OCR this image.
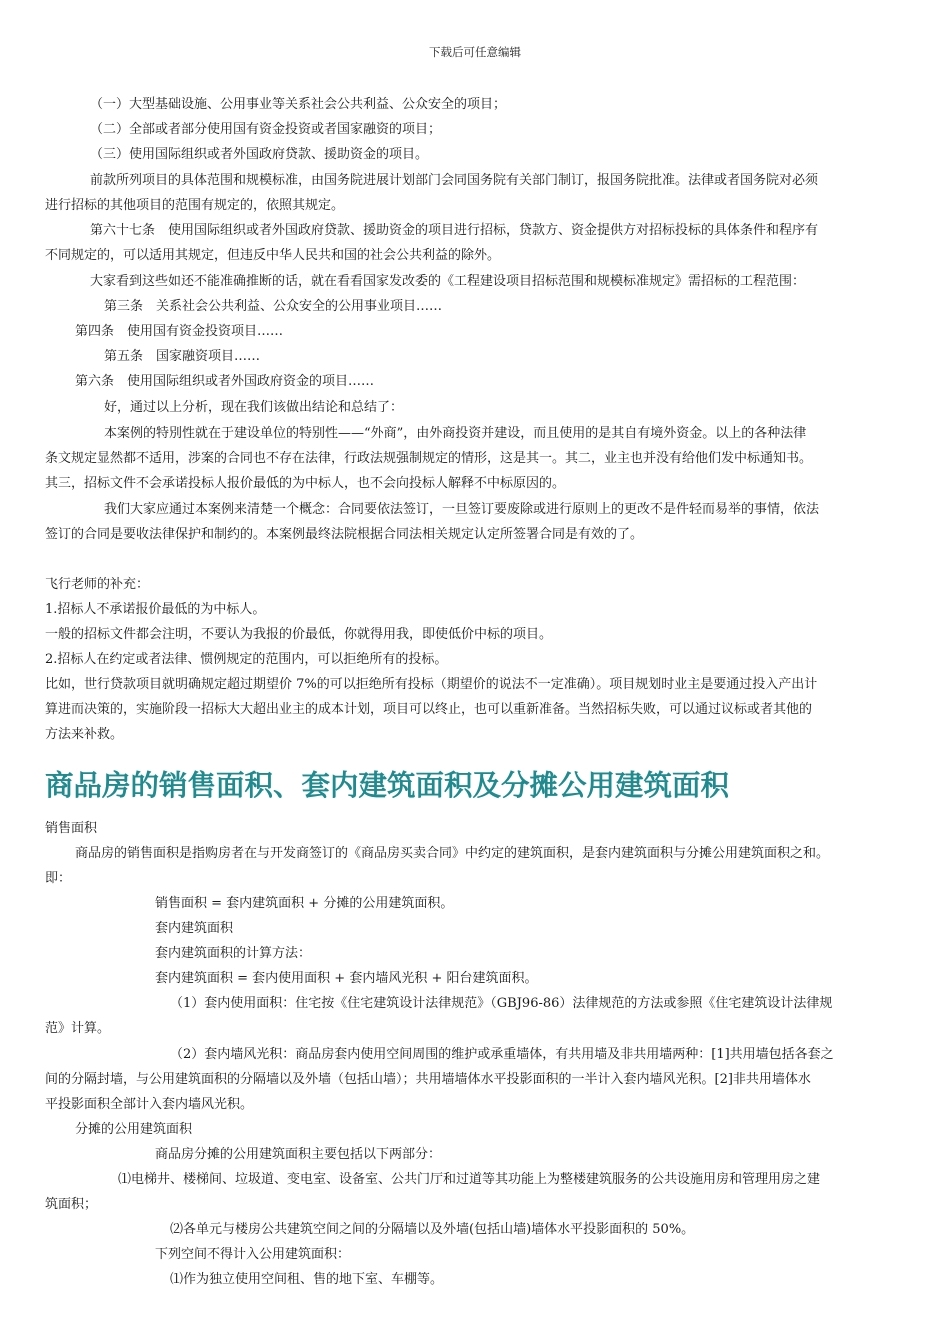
下载后可任意编辑
（一）大型基础设施、公用事业等关系社会公共利益、公众安全的项目；
（二）全部或者部分使用国有资金投资或者国家融资的项目；
（三）使用国际组织或者外国政府贷款、援助资金的项目。
前款所列项目的具体范围和规模标准，由国务院进展计划部门会同国务院有关部门制订，报国务院批准。法律或者国务院对必须
进行招标的其他项目的范围有规定的，依照其规定。
第六十七条　使用国际组织或者外国政府贷款、援助资金的项目进行招标，贷款方、资金提供方对招标投标的具体条件和程序有
不同规定的，可以适用其规定，但违反中华人民共和国的社会公共利益的除外。
大家看到这些如还不能准确推断的话，就在看看国家发改委的《工程建设项目招标范围和规模标准规定》需招标的工程范围：
第三条　关系社会公共利益、公众安全的公用事业项目……
第四条　使用国有资金投资项目……
第五条　国家融资项目……
第六条　使用国际组织或者外国政府资金的项目……
好，通过以上分析，现在我们该做出结论和总结了：
本案例的特別性就在于建设单位的特别性——“外商”，由外商投资并建设，而且使用的是其自有境外资金。以上的各种法律
条文规定显然都不适用，涉案的合同也不存在法律，行政法规强制规定的情形，这是其一。其二，业主也并没有给他们发中标通知书。
其三，招标文件不会承诺投标人报价最低的为中标人，也不会向投标人解释不中标原因的。
我们大家应通过本案例来清楚一个概念：合同要依法签订，一旦签订要废除或进行原则上的更改不是件轻而易举的事情，依法
签订的合同是要收法律保护和制约的。本案例最终法院根据合同法相关规定认定所签署合同是有效的了。
飞行老师的补充：
1.招标人不承诺报价最低的为中标人。
一般的招标文件都会注明，不要认为我报的价最低，你就得用我，即使低价中标的项目。
2.招标人在约定或者法律、惯例规定的范围内，可以拒绝所有的投标。
比如，世行贷款项目就明确规定超过期望价 7%的可以拒绝所有投标（期望价的说法不一定准确）。项目规划时业主是要通过投入产出计
算进而决策的，实施阶段一招标大大超出业主的成本计划，项目可以终止，也可以重新准备。当然招标失败，可以通过议标或者其他的
方法来补救。
商品房的销售面积、套内建筑面积及分摊公用建筑面积
销售面积
商品房的销售面积是指购房者在与开发商签订的《商品房买卖合同》中约定的建筑面积，是套内建筑面积与分摊公用建筑面积之和。
即：
销售面积 = 套内建筑面积 + 分摊的公用建筑面积。
套内建筑面积
套内建筑面积的计算方法：
套内建筑面积 = 套内使用面积 + 套内墙风光积 + 阳台建筑面积。
（1）套内使用面积：住宅按《住宅建筑设计法律规范》（GBJ96-86）法律规范的方法或参照《住宅建筑设计法律规
范》计算。
（2）套内墙风光积：商品房套内使用空间周围的维护或承重墙体，有共用墙及非共用墙两种：[1]共用墙包括各套之
间的分隔封墙，与公用建筑面积的分隔墙以及外墙（包括山墙）；共用墙墙体水平投影面积的一半计入套内墙风光积。[2]非共用墙体水
平投影面积全部计入套内墙风光积。
分摊的公用建筑面积
商品房分摊的公用建筑面积主要包括以下两部分：
⑴电梯井、楼梯间、垃圾道、变电室、设备室、公共门厅和过道等其功能上为整楼建筑服务的公共设施用房和管理用房之建
筑面积；
⑵各单元与楼房公共建筑空间之间的分隔墙以及外墙(包括山墙)墙体水平投影面积的 50%。
下列空间不得计入公用建筑面积：
⑴作为独立使用空间租、售的地下室、车棚等。
